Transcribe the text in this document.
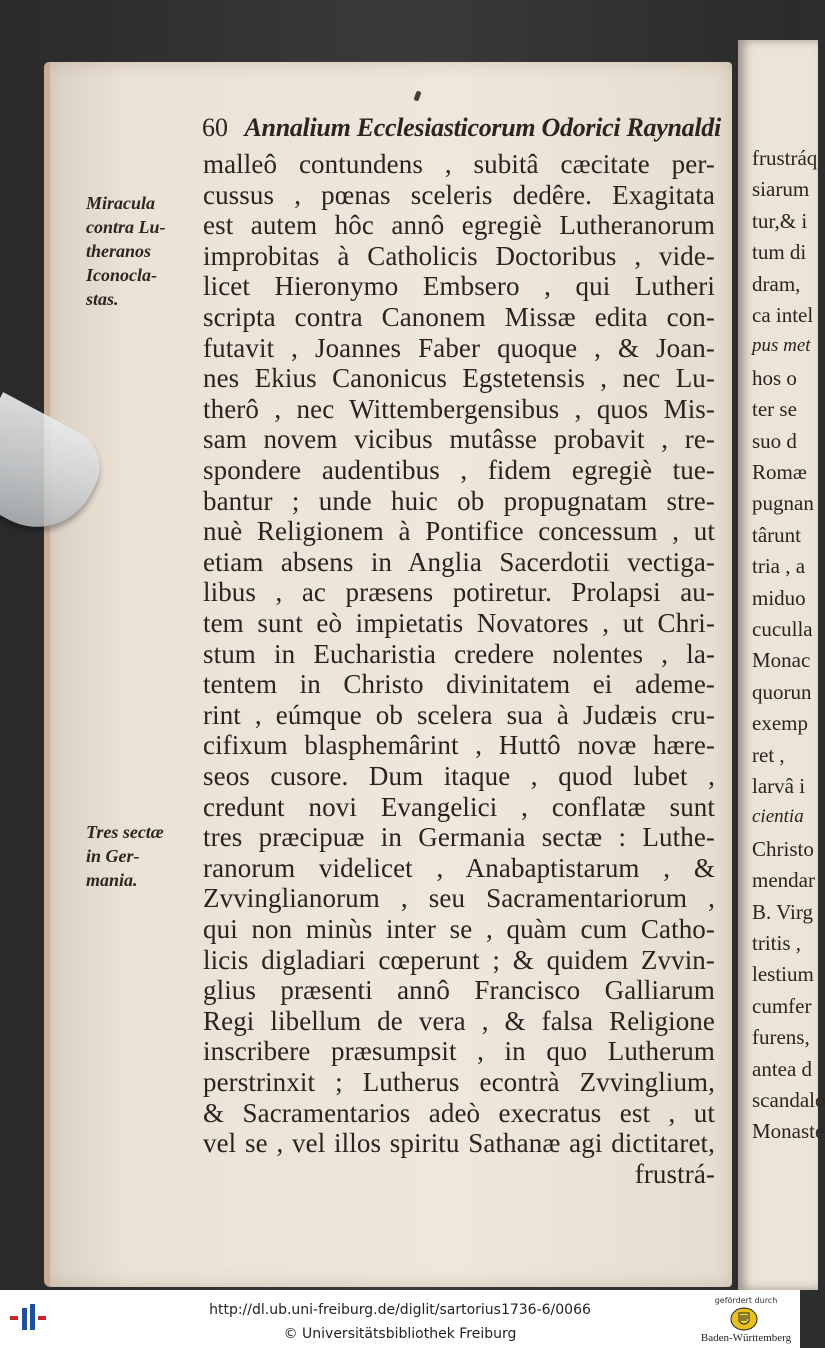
frustráq
siarum
tur,& i
tum di
dram,
ca intel
pus met
hos o
ter se
suo d
Romæ
pugnan
târunt
tria , a
miduo
cuculla
Monac
quorun
exemp
ret ,
larvâ i
cientia
Christo
mendar
B. Virg
tritis ,
lestium
cumfer
furens,
antea d
scandalo
Monaste
60 Annalium Ecclesiasticorum Odorici Raynaldi
malleô contundens , subitâ cæcitate per-
cussus , pœnas sceleris dedêre. Exagitata
est autem hôc annô egregiè Lutheranorum
improbitas à Catholicis Doctoribus , vide-
licet Hieronymo Embsero , qui Lutheri
scripta contra Canonem Missæ edita con-
futavit , Joannes Faber quoque , & Joan-
nes Ekius Canonicus Egstetensis , nec Lu-
therô , nec Wittembergensibus , quos Mis-
sam novem vicibus mutâsse probavit , re-
spondere audentibus , fidem egregiè tue-
bantur ; unde huic ob propugnatam stre-
nuè Religionem à Pontifice concessum , ut
etiam absens in Anglia Sacerdotii vectiga-
libus , ac præsens potiretur. Prolapsi au-
tem sunt eò impietatis Novatores , ut Chri-
stum in Eucharistia credere nolentes , la-
tentem in Christo divinitatem ei ademe-
rint , eúmque ob scelera sua à Judæis cru-
cifixum blasphemârint , Huttô novæ hære-
seos cusore. Dum itaque , quod lubet ,
credunt novi Evangelici , conflatæ sunt
tres præcipuæ in Germania sectæ : Luthe-
ranorum videlicet , Anabaptistarum , &
Zvvinglianorum , seu Sacramentariorum ,
qui non minùs inter se , quàm cum Catho-
licis digladiari cœperunt ; & quidem Zvvin-
glius præsenti annô Francisco Galliarum
Regi libellum de vera , & falsa Religione
inscribere præsumpsit , in quo Lutherum
perstrinxit ; Lutherus econtrà Zvvinglium,
& Sacramentarios adeò execratus est , ut
vel se , vel illos spiritu Sathanæ agi dictitaret,
frustrá-
Miracula
contra Lu-
theranos
Iconocla-
stas.
Tres sectæ
in Ger-
mania.
http://dl.ub.uni-freiburg.de/diglit/sartorius1736-6/0066
© Universitätsbibliothek Freiburg
gefördert durch
Baden-Württemberg
